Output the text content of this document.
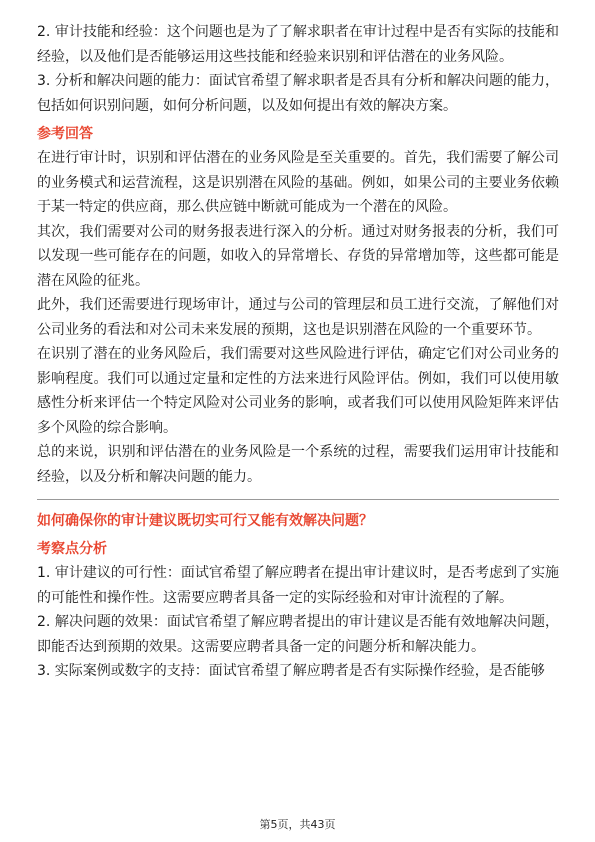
2. 审计技能和经验：这个问题也是为了了解求职者在审计过程中是否有实际的技能和经验，以及他们是否能够运用这些技能和经验来识别和评估潜在的业务风险。

3. 分析和解决问题的能力：面试官希望了解求职者是否具有分析和解决问题的能力，包括如何识别问题，如何分析问题，以及如何提出有效的解决方案。

参考回答

在进行审计时，识别和评估潜在的业务风险是至关重要的。首先，我们需要了解公司的业务模式和运营流程，这是识别潜在风险的基础。例如，如果公司的主要业务依赖于某一特定的供应商，那么供应链中断就可能成为一个潜在的风险。

其次，我们需要对公司的财务报表进行深入的分析。通过对财务报表的分析，我们可以发现一些可能存在的问题，如收入的异常增长、存货的异常增加等，这些都可能是潜在风险的征兆。

此外，我们还需要进行现场审计，通过与公司的管理层和员工进行交流，了解他们对公司业务的看法和对公司未来发展的预期，这也是识别潜在风险的一个重要环节。

在识别了潜在的业务风险后，我们需要对这些风险进行评估，确定它们对公司业务的影响程度。我们可以通过定量和定性的方法来进行风险评估。例如，我们可以使用敏感性分析来评估一个特定风险对公司业务的影响，或者我们可以使用风险矩阵来评估多个风险的综合影响。

总的来说，识别和评估潜在的业务风险是一个系统的过程，需要我们运用审计技能和经验，以及分析和解决问题的能力。

如何确保你的审计建议既切实可行又能有效解决问题？

考察点分析

1. 审计建议的可行性：面试官希望了解应聘者在提出审计建议时，是否考虑到了实施的可能性和操作性。这需要应聘者具备一定的实际经验和对审计流程的了解。

2. 解决问题的效果：面试官希望了解应聘者提出的审计建议是否能有效地解决问题，即能否达到预期的效果。这需要应聘者具备一定的问题分析和解决能力。

3. 实际案例或数字的支持：面试官希望了解应聘者是否有实际操作经验，是否能够

第5页，共43页
